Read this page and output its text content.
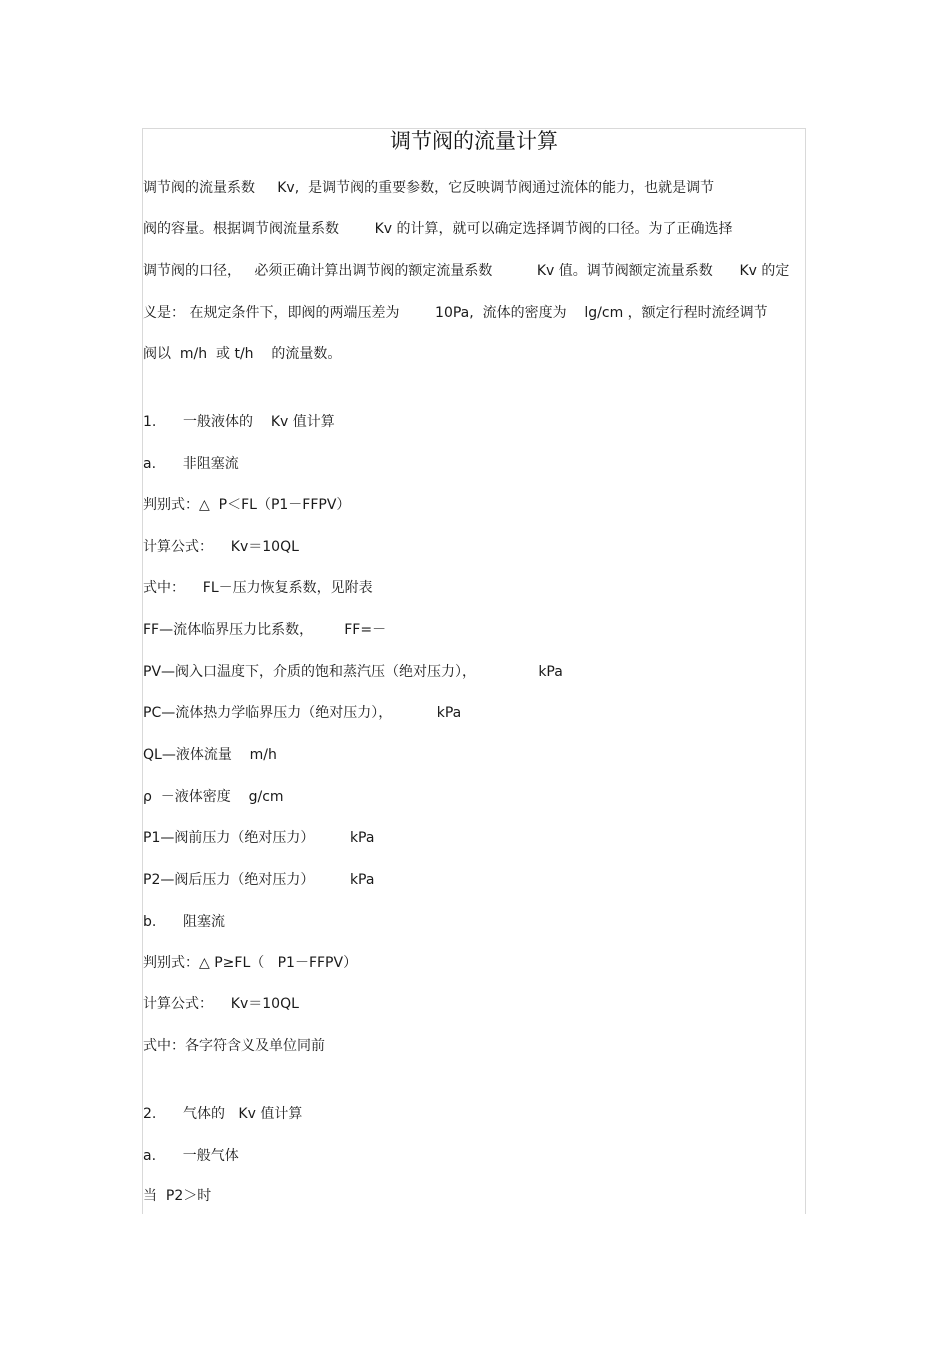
调节阀的流量计算
调节阀的流量系数     Kv,  是调节阀的重要参数，它反映调节阀通过流体的能力，也就是调节
阀的容量。根据调节阀流量系数        Kv 的计算，就可以确定选择调节阀的口径。为了正确选择
调节阀的口径，   必须正确计算出调节阀的额定流量系数          Kv 值。调节阀额定流量系数      Kv 的定
义是： 在规定条件下，即阀的两端压差为        10Pa,  流体的密度为    lg/cm ，额定行程时流经调节
阀以  m/h  或 t/h    的流量数。
1.      一般液体的    Kv 值计算
a.      非阻塞流
判别式：△  P＜FL（P1－FFPV）
计算公式：    Kv＝10QL
式中：    FL－压力恢复系数，见附表
FF—流体临界压力比系数，       FF=－
PV—阀入口温度下，介质的饱和蒸汽压（绝对压力），              kPa
PC—流体热力学临界压力（绝对压力），          kPa
QL—液体流量    m/h
ρ  －液体密度    g/cm
P1—阀前压力（绝对压力）        kPa
P2—阀后压力（绝对压力）        kPa
b.      阻塞流
判别式：△ P≥FL（   P1－FFPV）
计算公式：    Kv＝10QL
式中：各字符含义及单位同前
2.      气体的   Kv 值计算
a.      一般气体
当  P2＞时
